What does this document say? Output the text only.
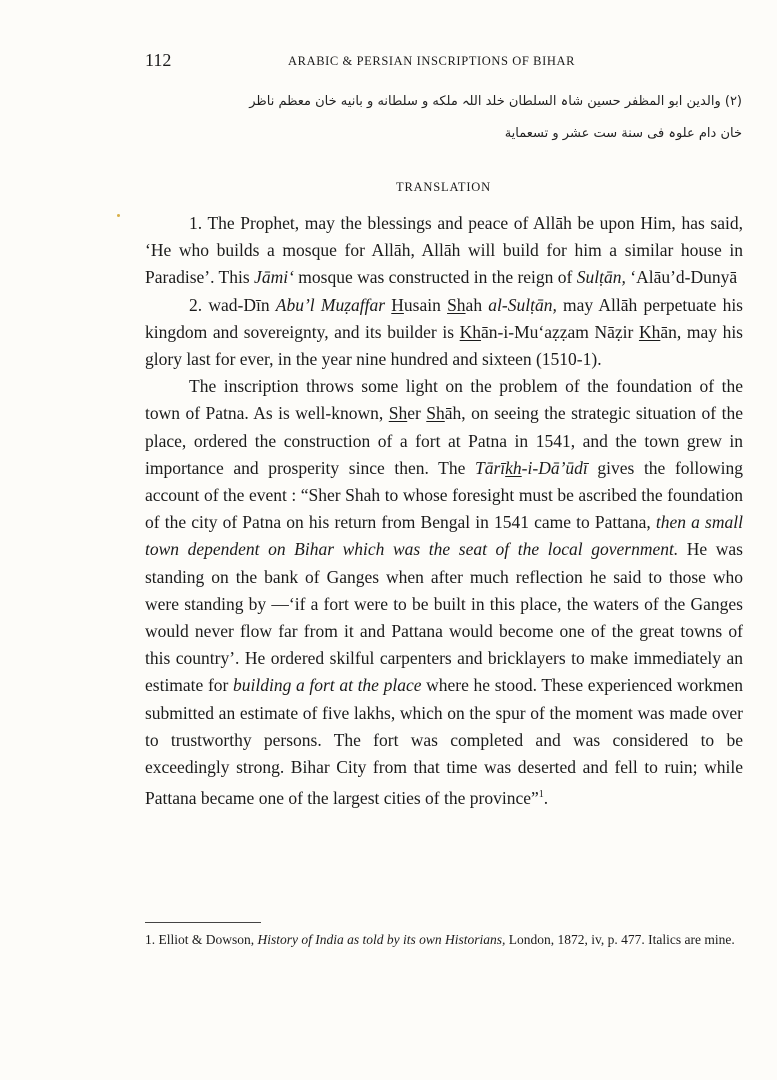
112	ARABIC & PERSIAN INSCRIPTIONS OF BIHAR
(۲) والدین ابو المظفر حسین شاہ السلطان خلد اللہ ملکه و سلطانه و بانیه خان معظم ناظر
خان دام علوہ فی سنة ست عشر و تسعمایة
TRANSLATION

1. The Prophet, may the blessings and peace of Allāh be upon Him, has said, ‘He who builds a mosque for Allāh, Allāh will build for him a similar house in Paradise’. This Jāmi‘ mosque was constructed in the reign of Sulṭān, ‘Alāu’d-Dunyā

2. wad-Dīn Abu’l Muẓaffar Husain Shah al-Sulṭān, may Allāh perpetuate his kingdom and sovereignty, and its builder is Khān-i-Mu‘aẓẓam Nāẓir Khān, may his glory last for ever, in the year nine hundred and sixteen (1510-1).

The inscription throws some light on the problem of the foundation of the town of Patna. As is well-known, Sher Shāh, on seeing the strategic situation of the place, ordered the construction of a fort at Patna in 1541, and the town grew in importance and prosperity since then. The Tārīkh-i-Dā’ūdī gives the following account of the event : “Sher Shah to whose foresight must be ascribed the foundation of the city of Patna on his return from Bengal in 1541 came to Pattana, then a small town dependent on Bihar which was the seat of the local government. He was standing on the bank of Ganges when after much reflection he said to those who were standing by —‘if a fort were to be built in this place, the waters of the Ganges would never flow far from it and Pattana would become one of the great towns of this country’. He ordered skilful carpenters and bricklayers to make immediately an estimate for building a fort at the place where he stood. These experienced workmen submitted an estimate of five lakhs, which on the spur of the moment was made over to trustworthy persons. The fort was completed and was considered to be exceedingly strong. Bihar City from that time was deserted and fell to ruin; while Pattana became one of the largest cities of the province”$^1$.

1. Elliot & Dowson, History of India as told by its own Historians, London, 1872, iv, p. 477. Italics are mine.
